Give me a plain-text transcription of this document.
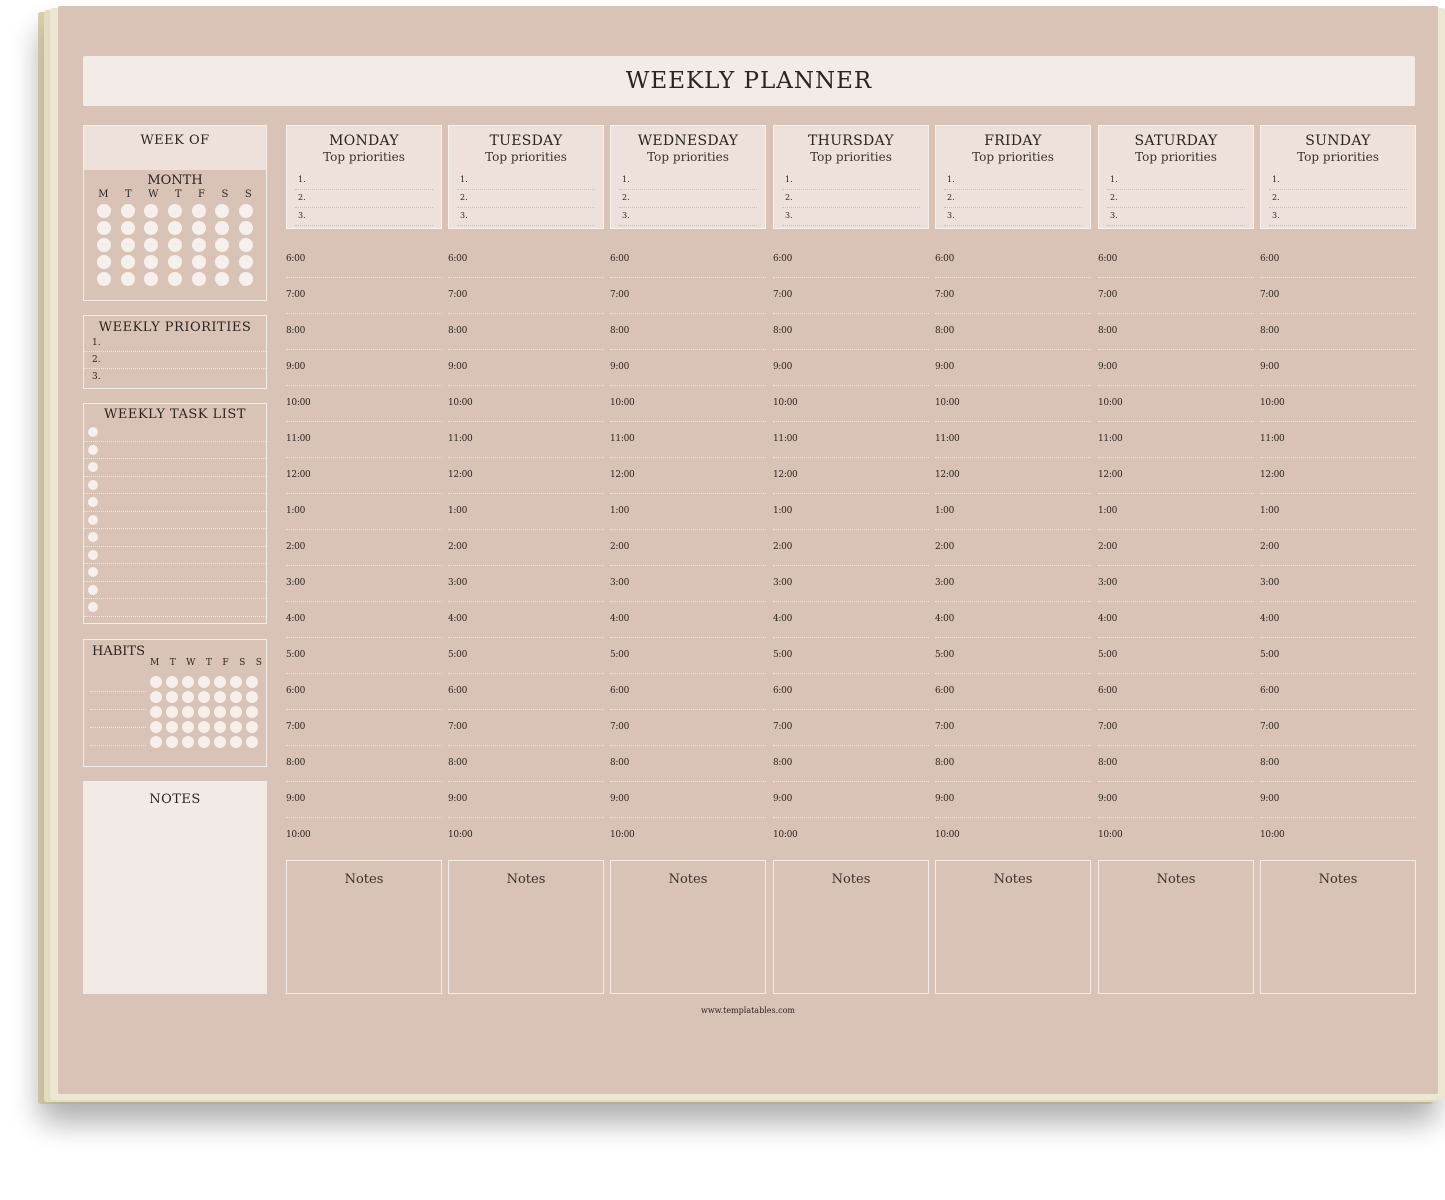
WEEKLY PLANNER
WEEK OF
MONTH
M T W T F S S
WEEKLY PRIORITIES
1.
2.
3.
WEEKLY TASK LIST
HABITS
M T W T F S S
NOTES
MONDAY
Top priorities
1.
2.
3.
6:00
7:00
8:00
9:00
10:00
11:00
12:00
1:00
2:00
3:00
4:00
5:00
6:00
7:00
8:00
9:00
10:00
Notes
TUESDAY
Top priorities
1.
2.
3.
6:00
7:00
8:00
9:00
10:00
11:00
12:00
1:00
2:00
3:00
4:00
5:00
6:00
7:00
8:00
9:00
10:00
Notes
WEDNESDAY
Top priorities
1.
2.
3.
6:00
7:00
8:00
9:00
10:00
11:00
12:00
1:00
2:00
3:00
4:00
5:00
6:00
7:00
8:00
9:00
10:00
Notes
THURSDAY
Top priorities
1.
2.
3.
6:00
7:00
8:00
9:00
10:00
11:00
12:00
1:00
2:00
3:00
4:00
5:00
6:00
7:00
8:00
9:00
10:00
Notes
FRIDAY
Top priorities
1.
2.
3.
6:00
7:00
8:00
9:00
10:00
11:00
12:00
1:00
2:00
3:00
4:00
5:00
6:00
7:00
8:00
9:00
10:00
Notes
SATURDAY
Top priorities
1.
2.
3.
6:00
7:00
8:00
9:00
10:00
11:00
12:00
1:00
2:00
3:00
4:00
5:00
6:00
7:00
8:00
9:00
10:00
Notes
SUNDAY
Top priorities
1.
2.
3.
6:00
7:00
8:00
9:00
10:00
11:00
12:00
1:00
2:00
3:00
4:00
5:00
6:00
7:00
8:00
9:00
10:00
Notes
www.templatables.com
